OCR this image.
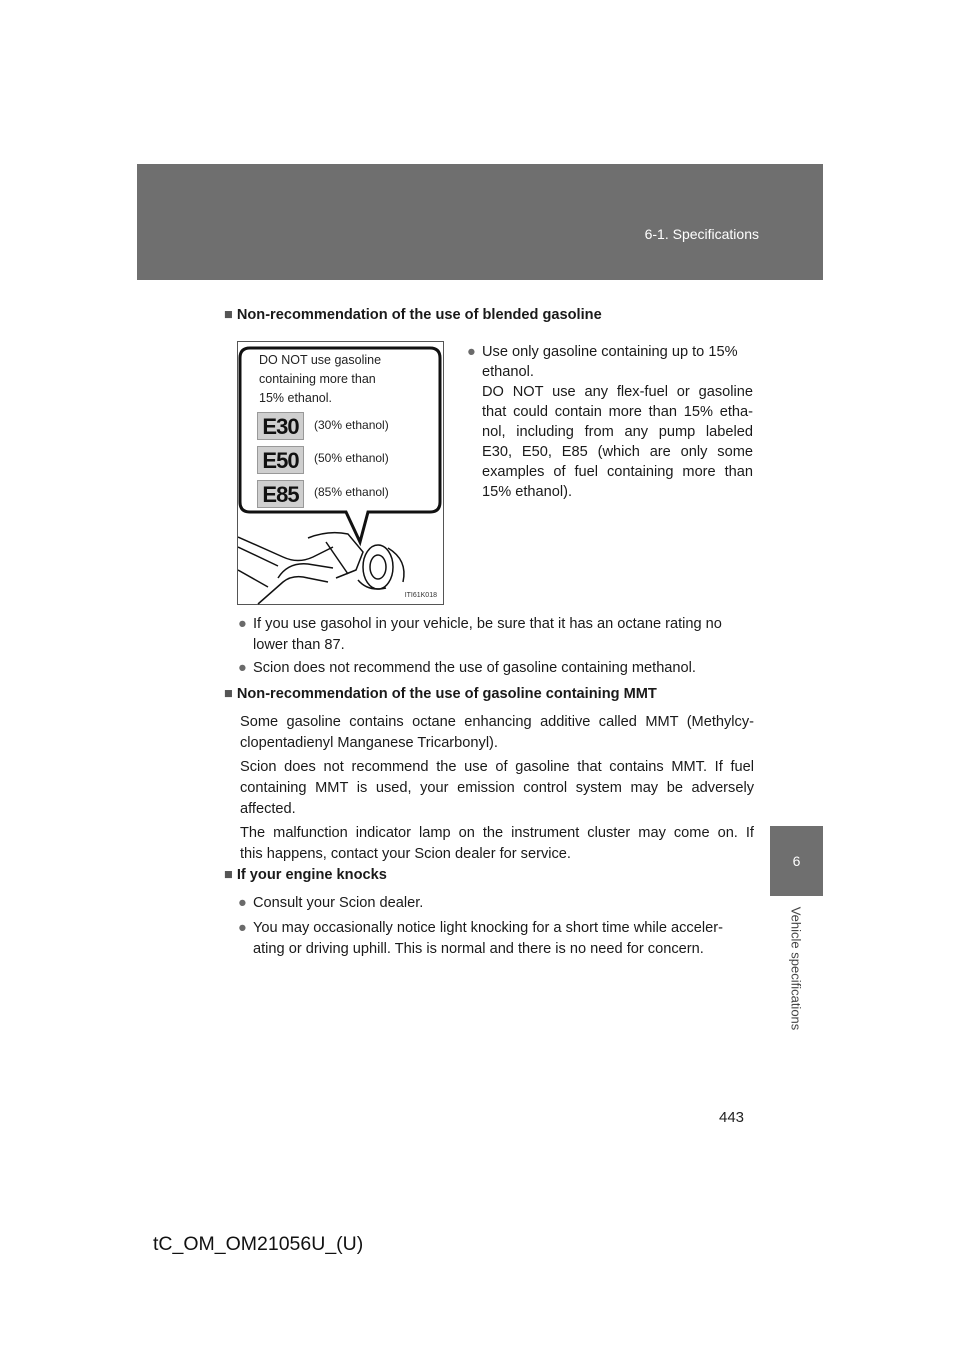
6-1. Specifications
6
Vehicle specifications
■ Non-recommendation of the use of blended gasoline
DO NOT use gasoline
containing more than
15% ethanol.
E30	(30% ethanol)
E50	(50% ethanol)
E85	(85% ethanol)
ITI61K018
● Use only gasoline containing up to 15%
ethanol.
DO NOT use any flex-fuel or gasoline
that could contain more than 15% etha-
nol, including from any pump labeled
E30, E50, E85 (which are only some
examples of fuel containing more than
15% ethanol).
● If you use gasohol in your vehicle, be sure that it has an octane rating no
lower than 87.
● Scion does not recommend the use of gasoline containing methanol.
■ Non-recommendation of the use of gasoline containing MMT
Some gasoline contains octane enhancing additive called MMT (Methylcy-
clopentadienyl Manganese Tricarbonyl).
Scion does not recommend the use of gasoline that contains MMT. If fuel
containing MMT is used, your emission control system may be adversely
affected.
The malfunction indicator lamp on the instrument cluster may come on. If
this happens, contact your Scion dealer for service.
■ If your engine knocks
● Consult your Scion dealer.
● You may occasionally notice light knocking for a short time while acceler-
ating or driving uphill. This is normal and there is no need for concern.
443
tC_OM_OM21056U_(U)
